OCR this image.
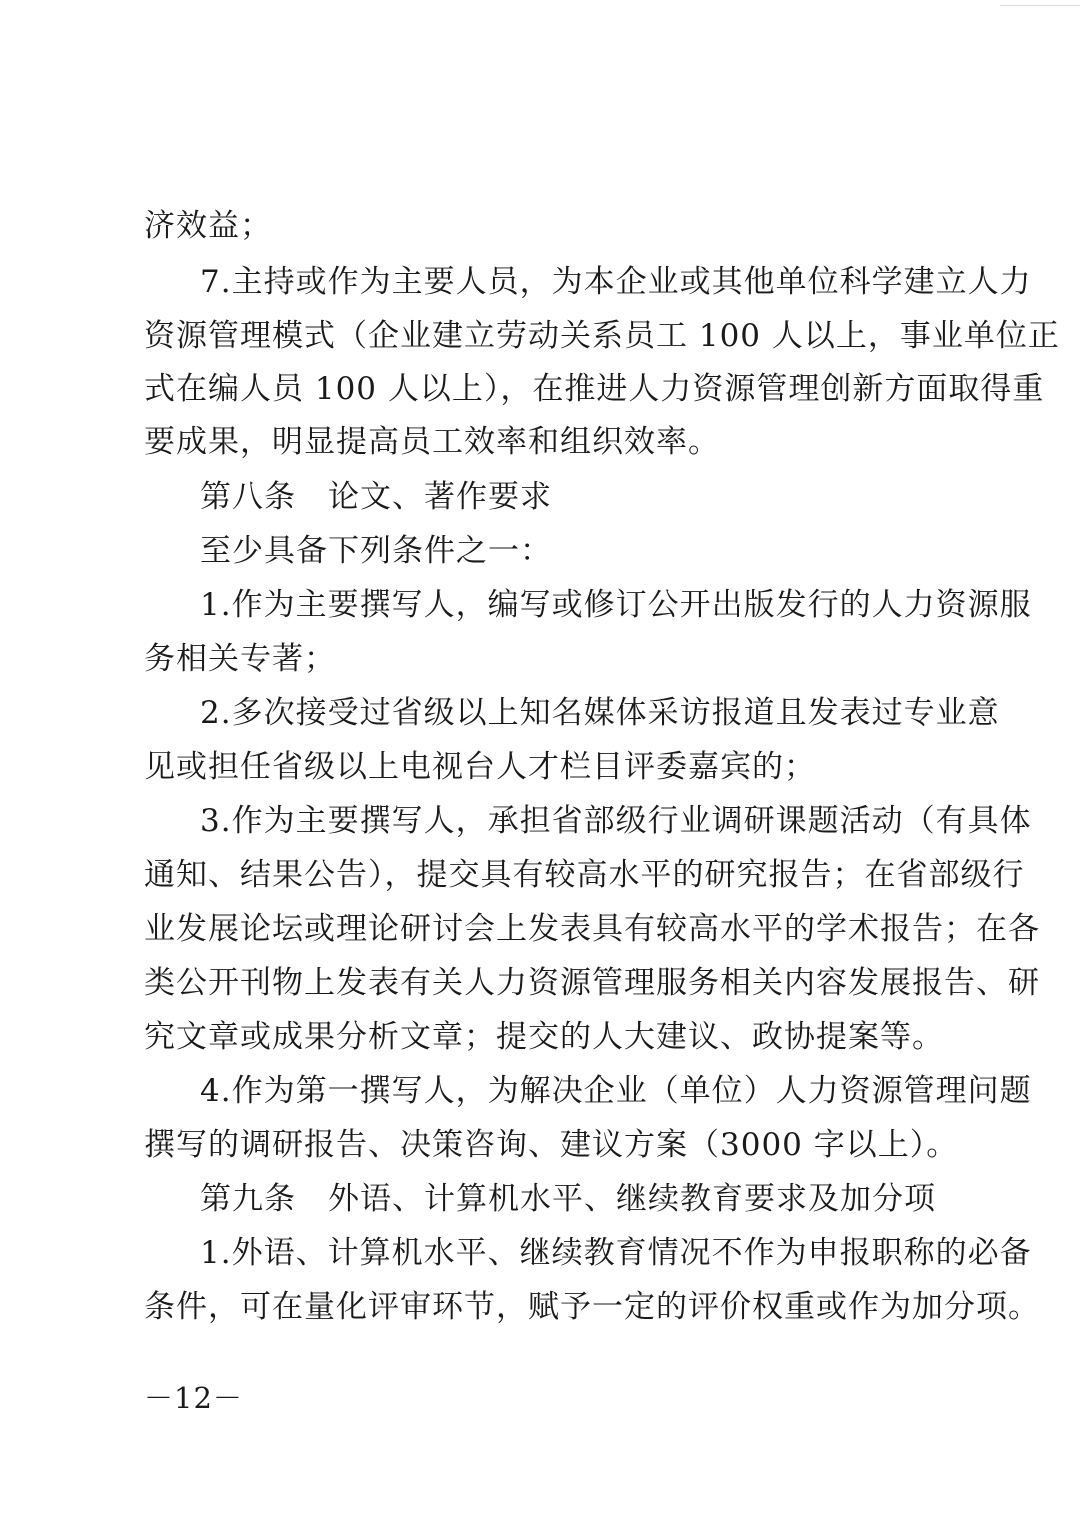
济效益；
7.主持或作为主要人员，为本企业或其他单位科学建立人力
资源管理模式（企业建立劳动关系员工 100 人以上，事业单位正
式在编人员 100 人以上），在推进人力资源管理创新方面取得重
要成果，明显提高员工效率和组织效率。
第八条　论文、著作要求
至少具备下列条件之一：
1.作为主要撰写人，编写或修订公开出版发行的人力资源服
务相关专著；
2.多次接受过省级以上知名媒体采访报道且发表过专业意
见或担任省级以上电视台人才栏目评委嘉宾的；
3.作为主要撰写人，承担省部级行业调研课题活动（有具体
通知、结果公告），提交具有较高水平的研究报告；在省部级行
业发展论坛或理论研讨会上发表具有较高水平的学术报告；在各
类公开刊物上发表有关人力资源管理服务相关内容发展报告、研
究文章或成果分析文章；提交的人大建议、政协提案等。
4.作为第一撰写人，为解决企业（单位）人力资源管理问题
撰写的调研报告、决策咨询、建议方案（3000 字以上）。
第九条　外语、计算机水平、继续教育要求及加分项
1.外语、计算机水平、继续教育情况不作为申报职称的必备
条件，可在量化评审环节，赋予一定的评价权重或作为加分项。
－12－
